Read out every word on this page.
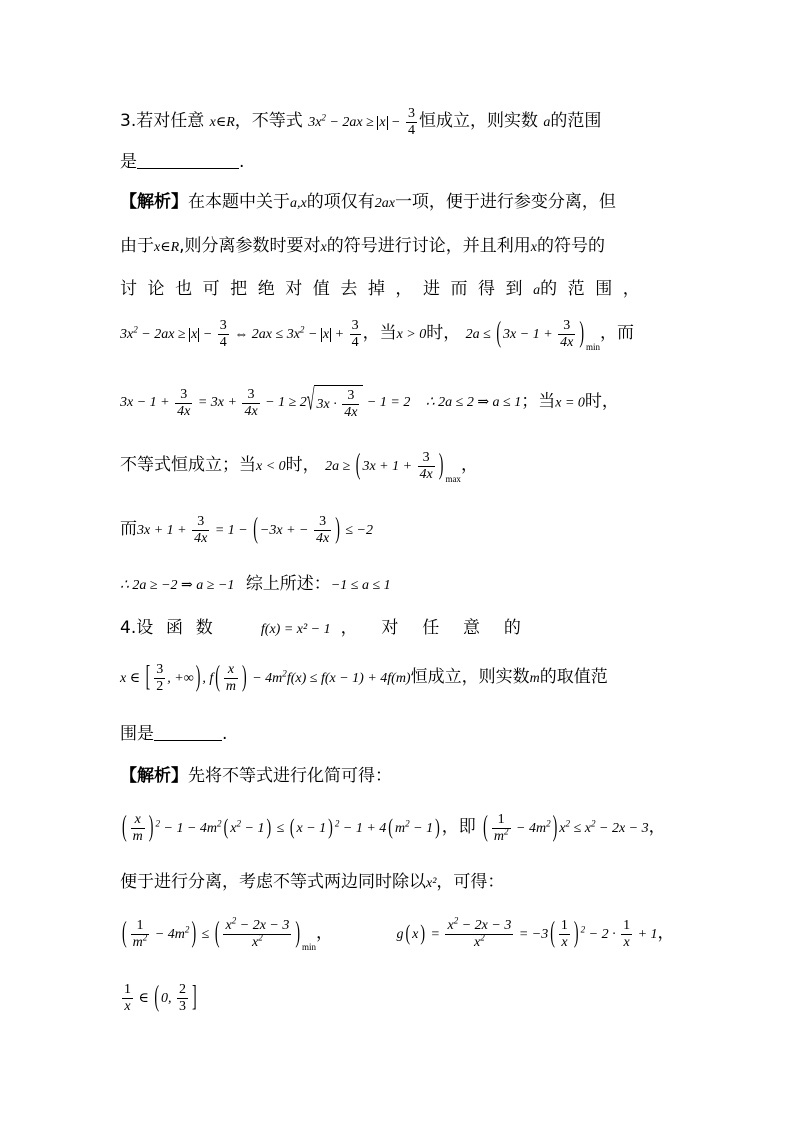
3.若对任意 x∈R，不等式 $3x^2 - 2ax \ge x - \frac{3}{4}$ 恒成立，则实数 a的范围
是	.
【解析】在本题中关于a,x的项仅有2ax一项，便于进行参变分离，但
由于x∈R,则分离参数时要对x的符号进行讨论，并且利用x的符号的
讨论也可把绝对值去掉，进而得到a的范围，
$3x^2 - 2ax \ge x - \frac{3}{4}$ ⇔ $2ax \le 3x^2 - x + \frac{3}{4}$ ，当x > 0时， 2a ≤ ( $3x - 1 + \frac{3}{4x}$ ) $_{min}$，而
$3x - 1 + \frac{3}{4x} = 3x + \frac{3}{4x} - 1 \ge 2√$ $3x \cdot \frac{3}{4x} - 1 = 2$ ∴ 2a ≤ 2 ⇒ a ≤ 1；当x = 0时，
不等式恒成立；当x < 0时， 2a ≥ ( $3x + 1 + \frac{3}{4x}$ ) $_{max}$，
而$3x + 1 + \frac{3}{4x} = 1$ − ( −3x + − $\frac{3}{4x}$ ) ≤ −2
∴ 2a ≥ −2 ⇒ a ≥ −1 综上所述：−1 ≤ a ≤ 1
4.设函数	f(x) = x² − 1 ，对任意的
x ∈ [ $\frac{3}{2}$ , +∞ ) , f ( $\frac{x}{m}$ ) − $4m^2f(x) \le f(x - 1) + 4f(m)$恒成立，则实数m的取值范
围是	.
【解析】先将不等式进行化简可得：
( $\frac{x}{m}$ ) $^2 - 1 - 4m^2$ ( $x^2 - 1$ ) ≤ ( x − 1 ) $^2$ − 1 + 4 ( $m^2 - 1$ ) ，即 ( $\frac{1}{m^2} - 4m^2$ ) $x^2 \le x^2 - 2x - 3$，
便于进行分离，考虑不等式两边同时除以x²，可得：
( $\frac{1}{m^2} - 4m^2$ ) ≤ ( $\frac{x^2 - 2x - 3}{x^2}$ ) $_{min}$，	g ( x ) = $\frac{x^2 - 2x - 3}{x^2} = -3$ ( $\frac{1}{x}$ ) $^2 - 2 \cdot \frac{1}{x} + 1$，
$\frac{1}{x}$ ∈ ( 0, $\frac{2}{3}$ ]
